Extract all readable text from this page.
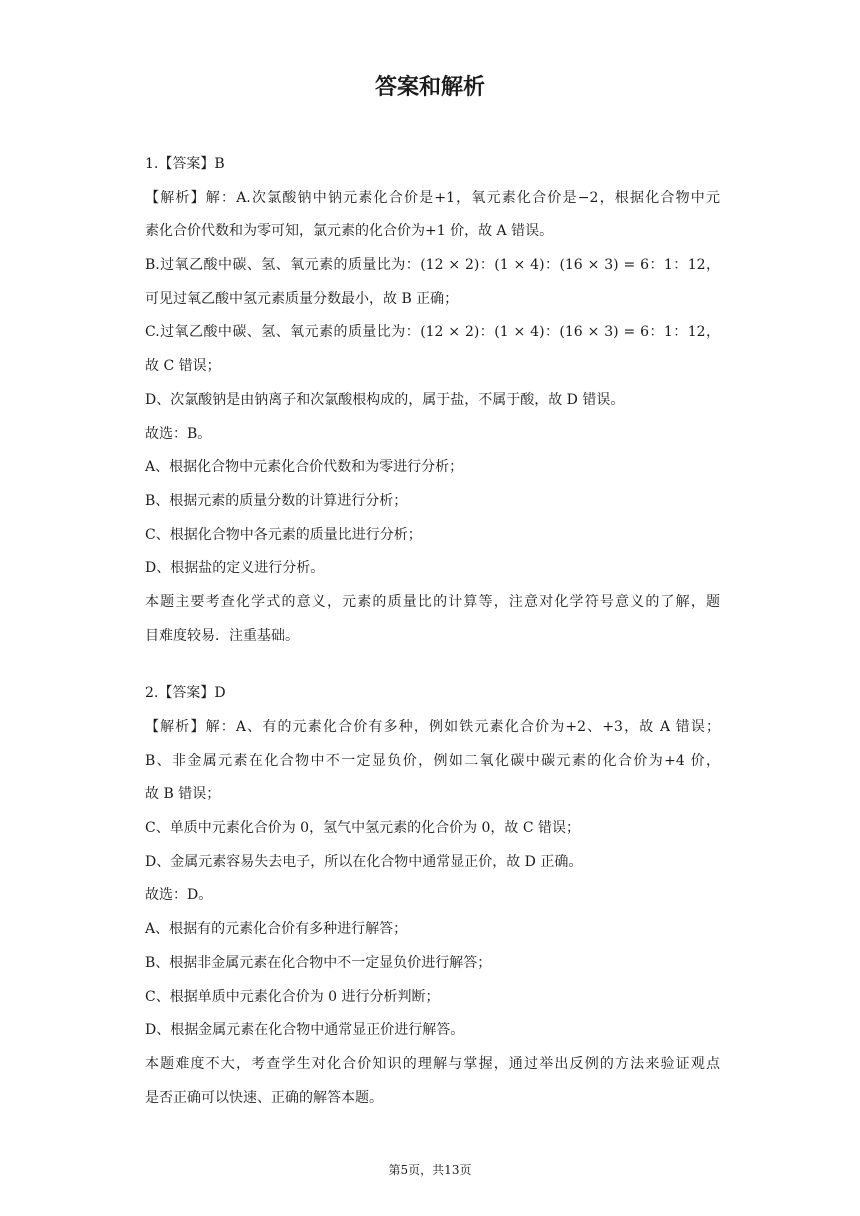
答案和解析
1.【答案】B
【解析】解：A.次氯酸钠中钠元素化合价是+1，氧元素化合价是−2，根据化合物中元
素化合价代数和为零可知，氯元素的化合价为+1 价，故 A 错误。
B.过氧乙酸中碳、氢、氧元素的质量比为：(12 × 2)：(1 × 4)：(16 × 3) = 6：1：12，
可见过氧乙酸中氢元素质量分数最小，故 B 正确；
C.过氧乙酸中碳、氢、氧元素的质量比为：(12 × 2)：(1 × 4)：(16 × 3) = 6：1：12，
故 C 错误；
D、次氯酸钠是由钠离子和次氯酸根构成的，属于盐，不属于酸，故 D 错误。
故选：B。
A、根据化合物中元素化合价代数和为零进行分析；
B、根据元素的质量分数的计算进行分析；
C、根据化合物中各元素的质量比进行分析；
D、根据盐的定义进行分析。
本题主要考查化学式的意义，元素的质量比的计算等，注意对化学符号意义的了解，题
目难度较易．注重基础。
2.【答案】D
【解析】解：A、有的元素化合价有多种，例如铁元素化合价为+2、+3，故 A 错误；
B、非金属元素在化合物中不一定显负价，例如二氧化碳中碳元素的化合价为+4 价，
故 B 错误；
C、单质中元素化合价为 0，氢气中氢元素的化合价为 0，故 C 错误；
D、金属元素容易失去电子，所以在化合物中通常显正价，故 D 正确。
故选：D。
A、根据有的元素化合价有多种进行解答；
B、根据非金属元素在化合物中不一定显负价进行解答；
C、根据单质中元素化合价为 0 进行分析判断；
D、根据金属元素在化合物中通常显正价进行解答。
本题难度不大，考查学生对化合价知识的理解与掌握，通过举出反例的方法来验证观点
是否正确可以快速、正确的解答本题。
第5页，共13页
